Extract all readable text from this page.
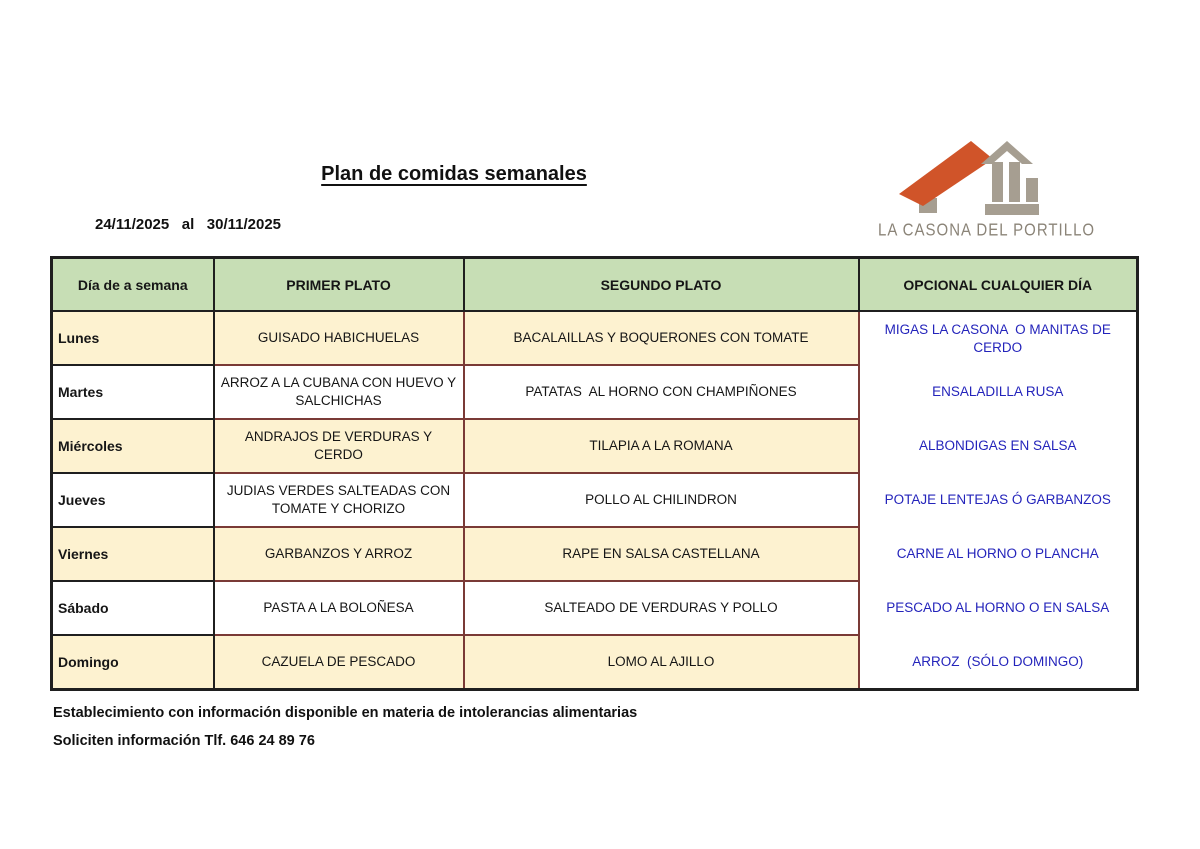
Plan de comidas semanales
24/11/2025   al   30/11/2025	LA CASONA DEL PORTILLO
Día de a semana	PRIMER PLATO	SEGUNDO PLATO	OPCIONAL CUALQUIER DÍA
Lunes	GUISADO HABICHUELAS	BACALAILLAS Y BOQUERONES CON TOMATE	MIGAS LA CASONA  O MANITAS DE CERDO
Martes	ARROZ A LA CUBANA CON HUEVO Y SALCHICHAS	PATATAS  AL HORNO CON CHAMPIÑONES	ENSALADILLA RUSA
Miércoles	ANDRAJOS DE VERDURAS Y CERDO	TILAPIA A LA ROMANA	ALBONDIGAS EN SALSA
Jueves	JUDIAS VERDES SALTEADAS CON TOMATE Y CHORIZO	POLLO AL CHILINDRON	POTAJE LENTEJAS Ó GARBANZOS
Viernes	GARBANZOS Y ARROZ	RAPE EN SALSA CASTELLANA	CARNE AL HORNO O PLANCHA
Sábado	PASTA A LA BOLOÑESA	SALTEADO DE VERDURAS Y POLLO	PESCADO AL HORNO O EN SALSA
Domingo	CAZUELA DE PESCADO	LOMO AL AJILLO	ARROZ  (SÓLO DOMINGO)
Establecimiento con información disponible en materia de intolerancias alimentarias
Soliciten información Tlf. 646 24 89 76
